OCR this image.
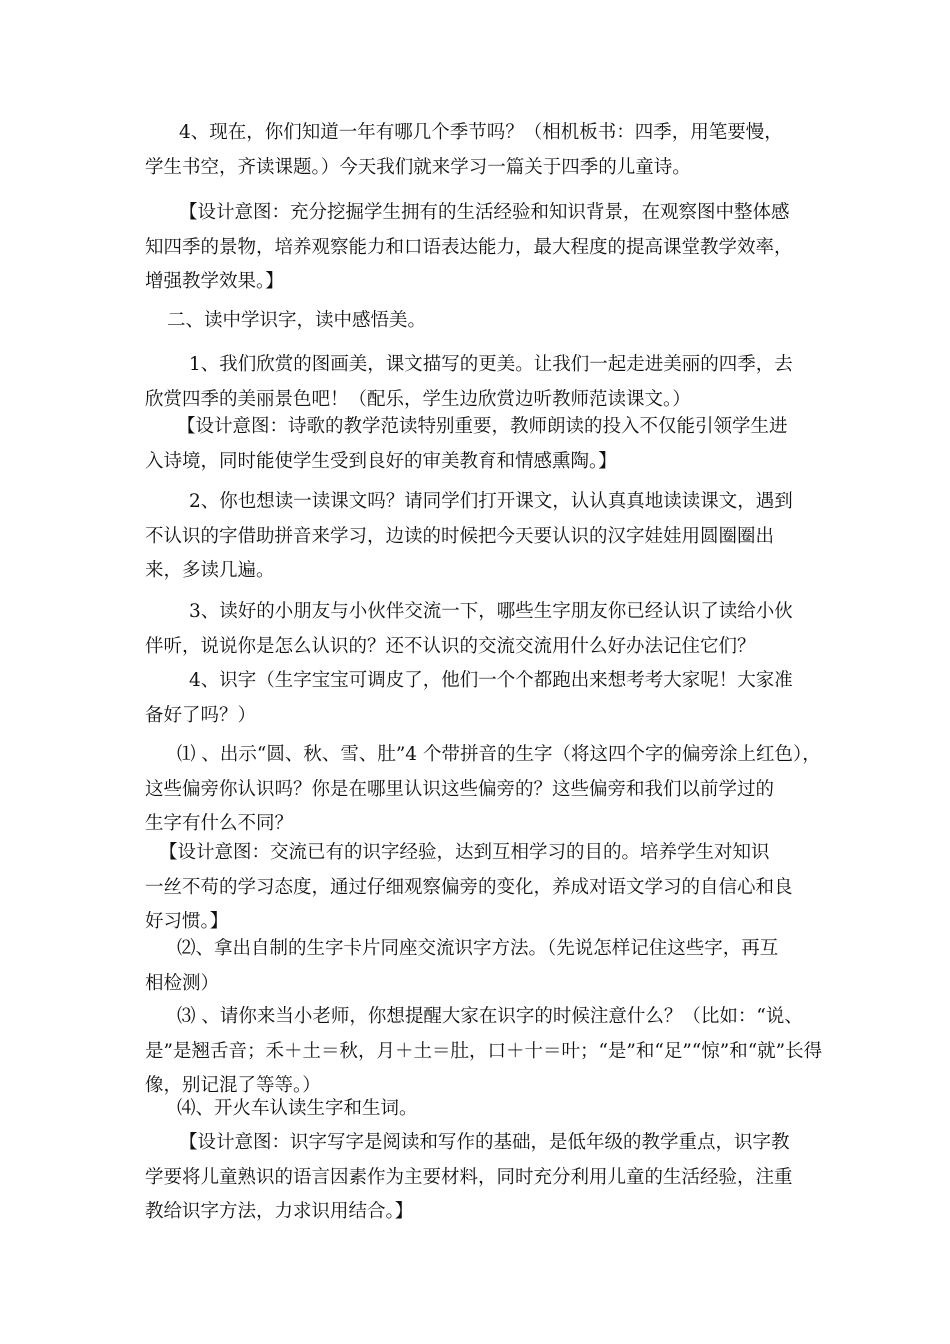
4、现在，你们知道一年有哪几个季节吗？（相机板书：四季，用笔要慢，
学生书空，齐读课题。）今天我们就来学习一篇关于四季的儿童诗。
【设计意图：充分挖掘学生拥有的生活经验和知识背景，在观察图中整体感
知四季的景物，培养观察能力和口语表达能力，最大程度的提高课堂教学效率，
增强教学效果。】
二、读中学识字，读中感悟美。
1、我们欣赏的图画美，课文描写的更美。让我们一起走进美丽的四季，去
欣赏四季的美丽景色吧！（配乐，学生边欣赏边听教师范读课文。）
【设计意图：诗歌的教学范读特别重要，教师朗读的投入不仅能引领学生进
入诗境，同时能使学生受到良好的审美教育和情感熏陶。】
2、你也想读一读课文吗？请同学们打开课文，认认真真地读读课文，遇到
不认识的字借助拼音来学习，边读的时候把今天要认识的汉字娃娃用圆圈圈出
来，多读几遍。
3、读好的小朋友与小伙伴交流一下，哪些生字朋友你已经认识了读给小伙
伴听，说说你是怎么认识的？还不认识的交流交流用什么好办法记住它们？
4、识字（生字宝宝可调皮了，他们一个个都跑出来想考考大家呢！大家准
备好了吗？）
⑴ 、出示“圆、秋、雪、肚”4 个带拼音的生字（将这四个字的偏旁涂上红色），
这些偏旁你认识吗？你是在哪里认识这些偏旁的？这些偏旁和我们以前学过的
生字有什么不同？
【设计意图：交流已有的识字经验，达到互相学习的目的。培养学生对知识
一丝不苟的学习态度，通过仔细观察偏旁的变化，养成对语文学习的自信心和良
好习惯。】
⑵、拿出自制的生字卡片同座交流识字方法。（先说怎样记住这些字，再互
相检测）
⑶ 、请你来当小老师，你想提醒大家在识字的时候注意什么？（比如：“说、
是”是翘舌音；禾＋土＝秋，月＋土＝肚，口＋十＝叶；“是”和“足”“惊”和“就”长得
像，别记混了等等。）
⑷、开火车认读生字和生词。
【设计意图：识字写字是阅读和写作的基础，是低年级的教学重点，识字教
学要将儿童熟识的语言因素作为主要材料，同时充分利用儿童的生活经验，注重
教给识字方法，力求识用结合。】
